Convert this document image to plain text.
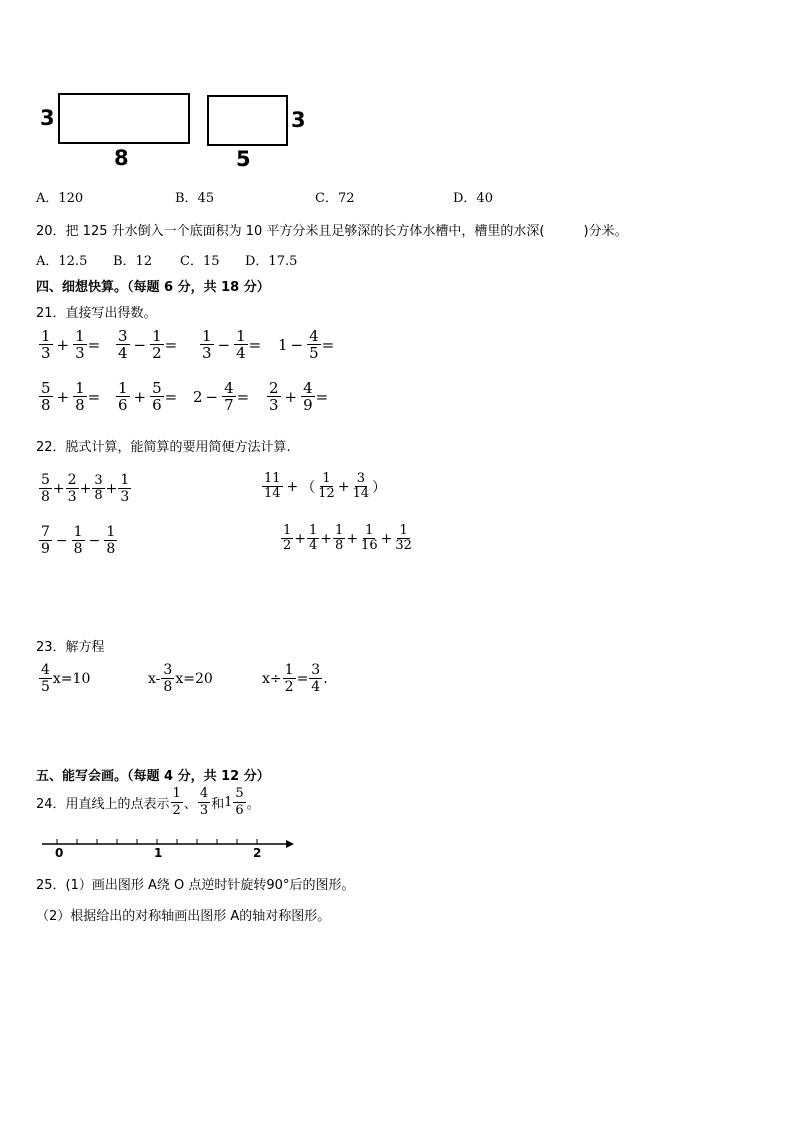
3
8
3
5
A．120	B．45	C．72	D．40
20．把 125 升水倒入一个底面积为 10 平方分米且足够深的长方体水槽中，槽里的水深(　　　)分米。
A．12.5 B．12 C．15 D．17.5
四、细想快算。（每题 6 分，共 18 分）
21．直接写出得数。
$\frac{1}{3} + \frac{1}{3} = \frac{3}{4} - \frac{1}{2} = \frac{1}{3} - \frac{1}{4} = 1 - \frac{4}{5}$ =
$\frac{5}{8} + \frac{1}{8} = \frac{1}{6} + \frac{5}{6} = 2 - \frac{4}{7} = \frac{2}{3} + \frac{4}{9}$ =
22．脱式计算，能简算的要用简便方法计算.
$\frac{5}{8} + \frac{2}{3} + \frac{3}{8} + \frac{1}{3}$	$\frac{11}{14}$ + （ $\frac{1}{12} + \frac{3}{14}$ ）
$\frac{7}{9} - \frac{1}{8} - \frac{1}{8}$	$\frac{1}{2} + \frac{1}{4} + \frac{1}{8} + \frac{1}{16} + \frac{1}{32}$
23．解方程
$\frac{4}{5} x=10$	$x- \frac{3}{8} x=20$	$x\div \frac{1}{2} = \frac{3}{4}$ .
五、能写会画。（每题 4 分，共 12 分）
24．用直线上的点表示 $\frac{1}{2}$ 、 $\frac{4}{3}$ 和 $1 \frac{5}{6}$ 。
0	1	2
25．(1）画出图形 A绕 O 点逆时针旋转90°后的图形。
（2）根据给出的对称轴画出图形 A的轴对称图形。
